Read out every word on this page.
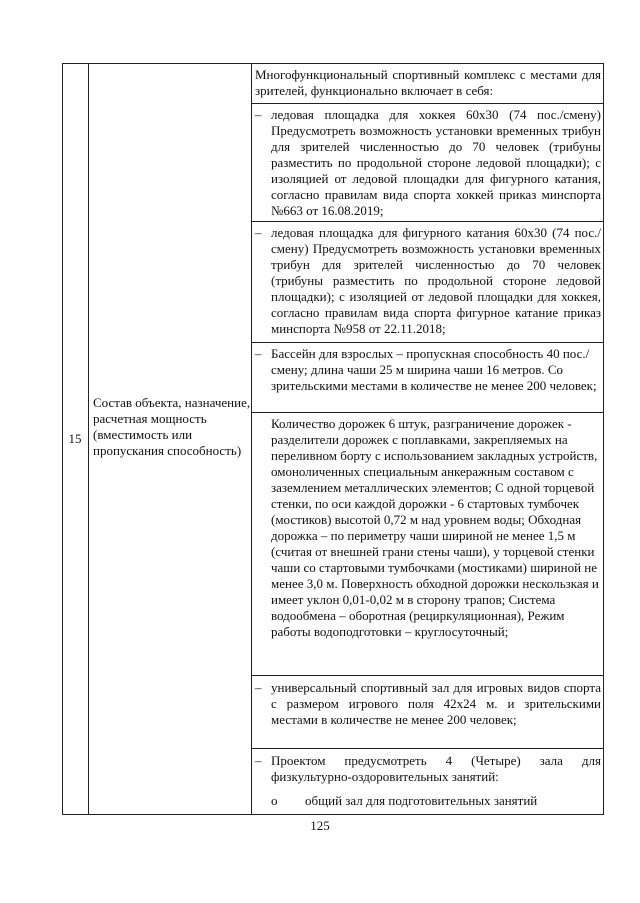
15
Состав объекта, назначение, расчетная мощность (вместимость или пропускания способность)
Многофункциональный спортивный комплекс с местами для зрителей, функционально включает в себя:
– ледовая площадка для хоккея 60x30 (74 пос./смену) Предусмотреть возможность установки временных трибун для зрителей численностью до 70 человек (трибуны разместить по продольной стороне ледовой площадки); с изоляцией от ледовой площадки для фигурного катания, согласно правилам вида спорта хоккей приказ минспорта №663 от 16.08.2019;
– ледовая площадка для фигурного катания 60x30 (74 пос./смену) Предусмотреть возможность установки временных трибун для зрителей численностью до 70 человек (трибуны разместить по продольной стороне ледовой площадки); с изоляцией от ледовой площадки для хоккея, согласно правилам вида спорта фигурное катание приказ минспорта №958 от 22.11.2018;
– Бассейн для взрослых – пропускная способность 40 пос./смену; длина чаши 25 м ширина чаши 16 метров. Со зрительскими местами в количестве не менее 200 человек;
Количество дорожек 6 штук, разграничение дорожек - разделители дорожек с поплавками, закрепляемых на переливном борту с использованием закладных устройств, омоноличенных специальным анкеражным составом с заземлением металлических элементов; С одной торцевой стенки, по оси каждой дорожки - 6 стартовых тумбочек (мостиков) высотой 0,72 м над уровнем воды; Обходная дорожка – по периметру чаши шириной не менее 1,5 м (считая от внешней грани стены чаши), у торцевой стенки чаши со стартовыми тумбочками (мостиками) шириной не менее 3,0 м. Поверхность обходной дорожки нескользкая и имеет уклон 0,01-0,02 м в сторону трапов; Система водообмена – оборотная (рециркуляционная), Режим работы водоподготовки – круглосуточный;
– универсальный спортивный зал для игровых видов спорта с размером игрового поля 42x24 м. и зрительскими местами в количестве не менее 200 человек;
– Проектом предусмотреть 4 (Четыре) зала для физкультурно-оздоровительных занятий:
o	общий зал для подготовительных занятий
125
